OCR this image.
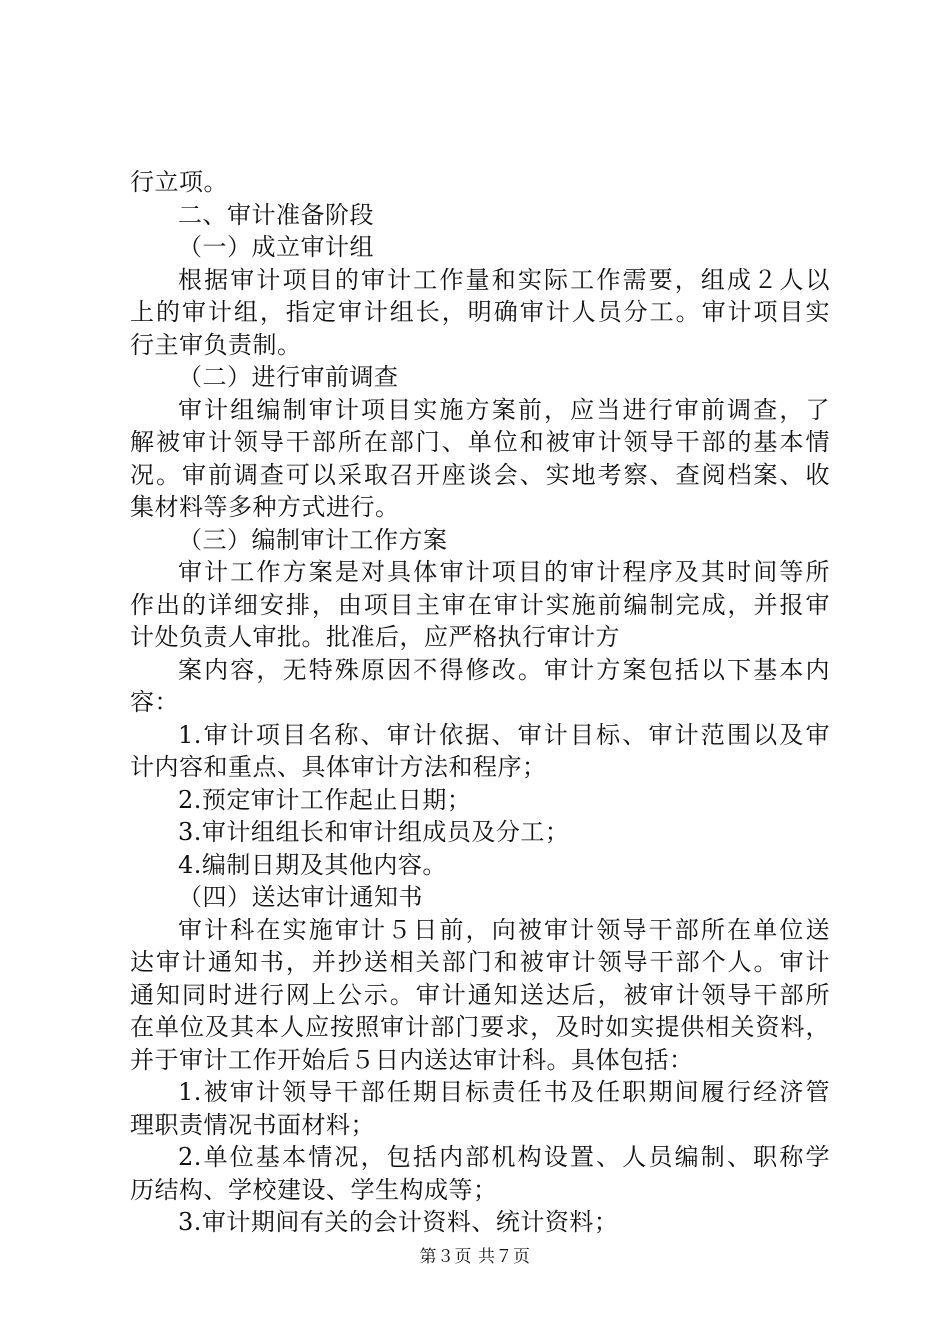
行立项。
二、审计准备阶段
（一）成立审计组
根据审计项目的审计工作量和实际工作需要，组成２人以
上的审计组，指定审计组长，明确审计人员分工。审计项目实
行主审负责制。
（二）进行审前调查
审计组编制审计项目实施方案前，应当进行审前调查，了
解被审计领导干部所在部门、单位和被审计领导干部的基本情
况。审前调查可以采取召开座谈会、实地考察、查阅档案、收
集材料等多种方式进行。
（三）编制审计工作方案
审计工作方案是对具体审计项目的审计程序及其时间等所
作出的详细安排，由项目主审在审计实施前编制完成，并报审
计处负责人审批。批准后，应严格执行审计方
案内容，无特殊原因不得修改。审计方案包括以下基本内
容：
1.审计项目名称、审计依据、审计目标、审计范围以及审
计内容和重点、具体审计方法和程序；
2.预定审计工作起止日期；
3.审计组组长和审计组成员及分工；
4.编制日期及其他内容。
（四）送达审计通知书
审计科在实施审计５日前，向被审计领导干部所在单位送
达审计通知书，并抄送相关部门和被审计领导干部个人。审计
通知同时进行网上公示。审计通知送达后，被审计领导干部所
在单位及其本人应按照审计部门要求，及时如实提供相关资料，
并于审计工作开始后５日内送达审计科。具体包括：
1.被审计领导干部任期目标责任书及任职期间履行经济管
理职责情况书面材料；
2.单位基本情况，包括内部机构设置、人员编制、职称学
历结构、学校建设、学生构成等；
3.审计期间有关的会计资料、统计资料；
第３页 共７页
